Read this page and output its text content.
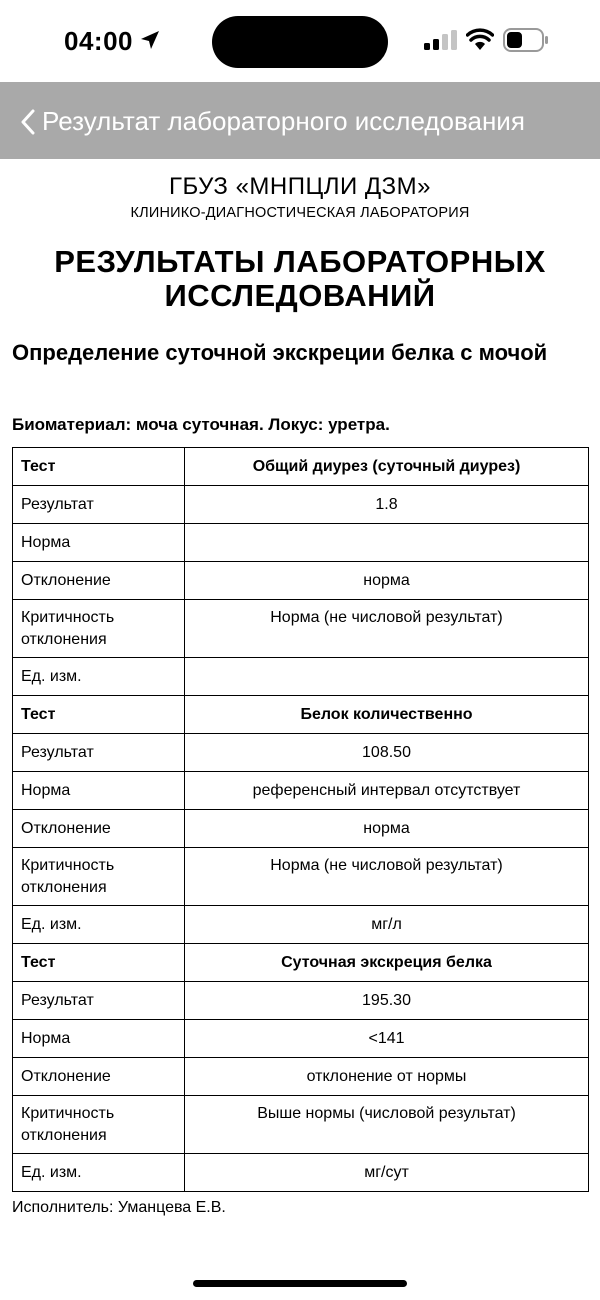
04:00
Результат лабораторного исследования
ГБУЗ «МНПЦЛИ ДЗМ»
КЛИНИКО-ДИАГНОСТИЧЕСКАЯ ЛАБОРАТОРИЯ
РЕЗУЛЬТАТЫ ЛАБОРАТОРНЫХ
ИССЛЕДОВАНИЙ
Определение суточной экскреции белка с мочой
Биоматериал: моча суточная. Локус: уретра.
Тест	Общий диурез (суточный диурез)
Результат	1.8
Норма	
Отклонение	норма
Критичность отклонения	Норма (не числовой результат)
Ед. изм.	
Тест	Белок количественно
Результат	108.50
Норма	референсный интервал отсутствует
Отклонение	норма
Критичность отклонения	Норма (не числовой результат)
Ед. изм.	мг/л
Тест	Суточная экскреция белка
Результат	195.30
Норма	<141
Отклонение	отклонение от нормы
Критичность отклонения	Выше нормы (числовой результат)
Ед. изм.	мг/сут
Исполнитель: Уманцева Е.В.
